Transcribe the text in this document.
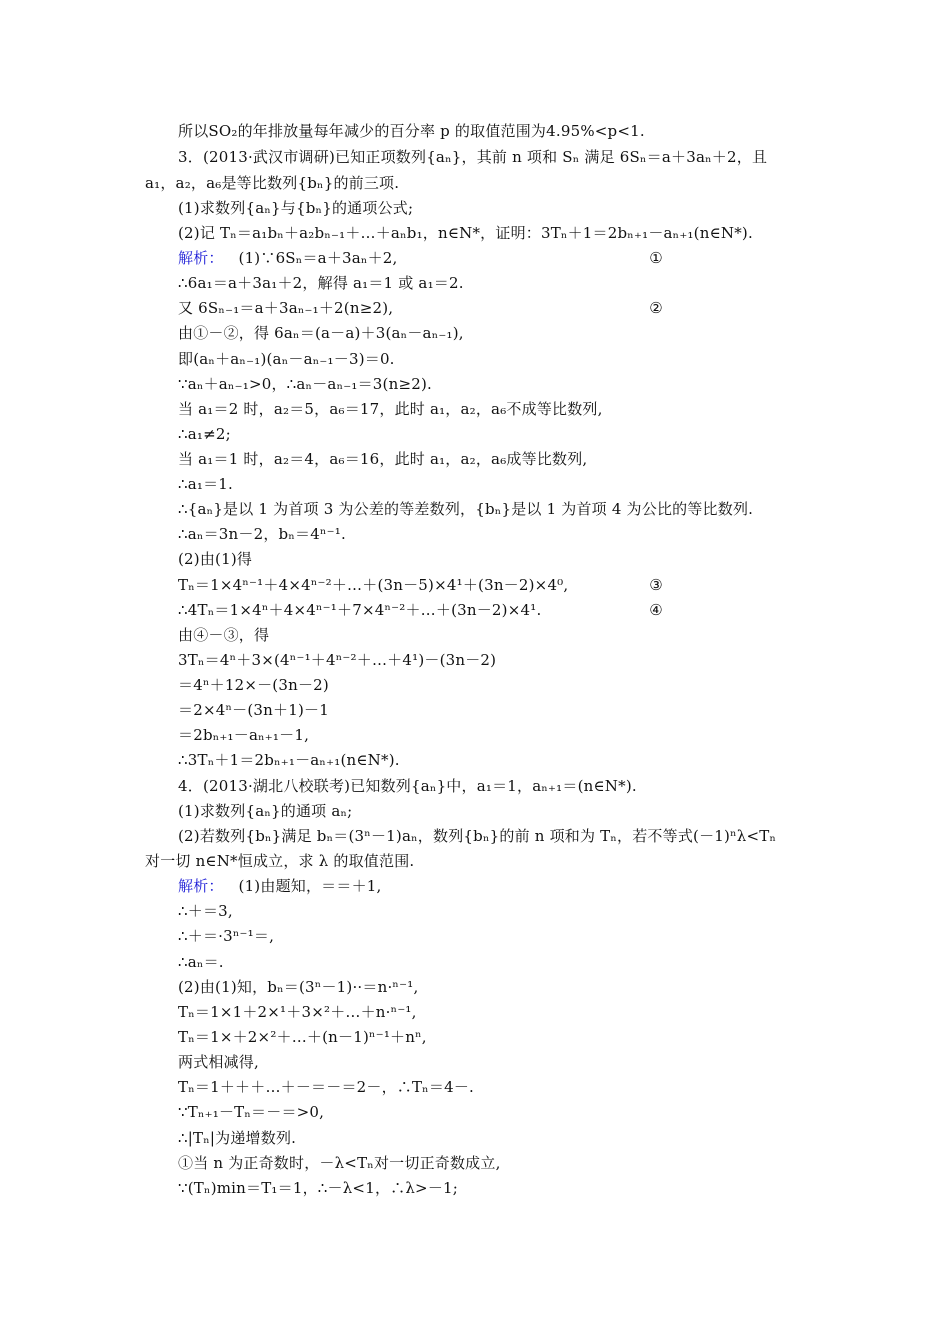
所以SO₂的年排放量每年减少的百分率 p 的取值范围为4.95%<p<1.
3．(2013·武汉市调研)已知正项数列{aₙ}，其前 n 项和 Sₙ 满足 6Sₙ＝a＋3aₙ＋2，且
a₁，a₂，a₆是等比数列{bₙ}的前三项.
(1)求数列{aₙ}与{bₙ}的通项公式;
(2)记 Tₙ＝a₁bₙ＋a₂bₙ₋₁＋…＋aₙb₁，n∈N*，证明：3Tₙ＋1＝2bₙ₊₁－aₙ₊₁(n∈N*).
解析： (1)∵6Sₙ＝a＋3aₙ＋2,	①
∴6a₁＝a＋3a₁＋2，解得 a₁＝1 或 a₁＝2.
又 6Sₙ₋₁＝a＋3aₙ₋₁＋2(n≥2),	②
由①－②，得 6aₙ＝(a－a)＋3(aₙ－aₙ₋₁),
即(aₙ＋aₙ₋₁)(aₙ－aₙ₋₁－3)＝0.
∵aₙ＋aₙ₋₁>0，∴aₙ－aₙ₋₁＝3(n≥2).
当 a₁＝2 时，a₂＝5，a₆＝17，此时 a₁，a₂，a₆不成等比数列,
∴a₁≠2;
当 a₁＝1 时，a₂＝4，a₆＝16，此时 a₁，a₂，a₆成等比数列,
∴a₁＝1.
∴{aₙ}是以 1 为首项 3 为公差的等差数列，{bₙ}是以 1 为首项 4 为公比的等比数列.
∴aₙ＝3n－2，bₙ＝4ⁿ⁻¹.
(2)由(1)得
Tₙ＝1×4ⁿ⁻¹＋4×4ⁿ⁻²＋…＋(3n－5)×4¹＋(3n－2)×4⁰,	③
∴4Tₙ＝1×4ⁿ＋4×4ⁿ⁻¹＋7×4ⁿ⁻²＋…＋(3n－2)×4¹.	④
由④－③，得
3Tₙ＝4ⁿ＋3×(4ⁿ⁻¹＋4ⁿ⁻²＋…＋4¹)－(3n－2)
＝4ⁿ＋12×－(3n－2)
＝2×4ⁿ－(3n＋1)－1
＝2bₙ₊₁－aₙ₊₁－1,
∴3Tₙ＋1＝2bₙ₊₁－aₙ₊₁(n∈N*).
4．(2013·湖北八校联考)已知数列{aₙ}中，a₁＝1，aₙ₊₁＝(n∈N*).
(1)求数列{aₙ}的通项 aₙ;
(2)若数列{bₙ}满足 bₙ＝(3ⁿ－1)aₙ，数列{bₙ}的前 n 项和为 Tₙ，若不等式(－1)ⁿλ<Tₙ
对一切 n∈N*恒成立，求 λ 的取值范围.
解析： (1)由题知，＝＝＋1,
∴＋＝3,
∴＋＝·3ⁿ⁻¹＝,
∴aₙ＝.
(2)由(1)知，bₙ＝(3ⁿ－1)··＝n·ⁿ⁻¹,
Tₙ＝1×1＋2×¹＋3×²＋…＋n·ⁿ⁻¹,
Tₙ＝1×＋2×²＋…＋(n－1)ⁿ⁻¹＋nⁿ,
两式相减得,
Tₙ＝1＋＋＋…＋－＝－＝2－，∴Tₙ＝4－.
∵Tₙ₊₁－Tₙ＝－＝>0,
∴|Tₙ|为递增数列.
①当 n 为正奇数时，－λ<Tₙ对一切正奇数成立,
∵(Tₙ)min＝T₁＝1，∴－λ<1，∴λ>－1;
